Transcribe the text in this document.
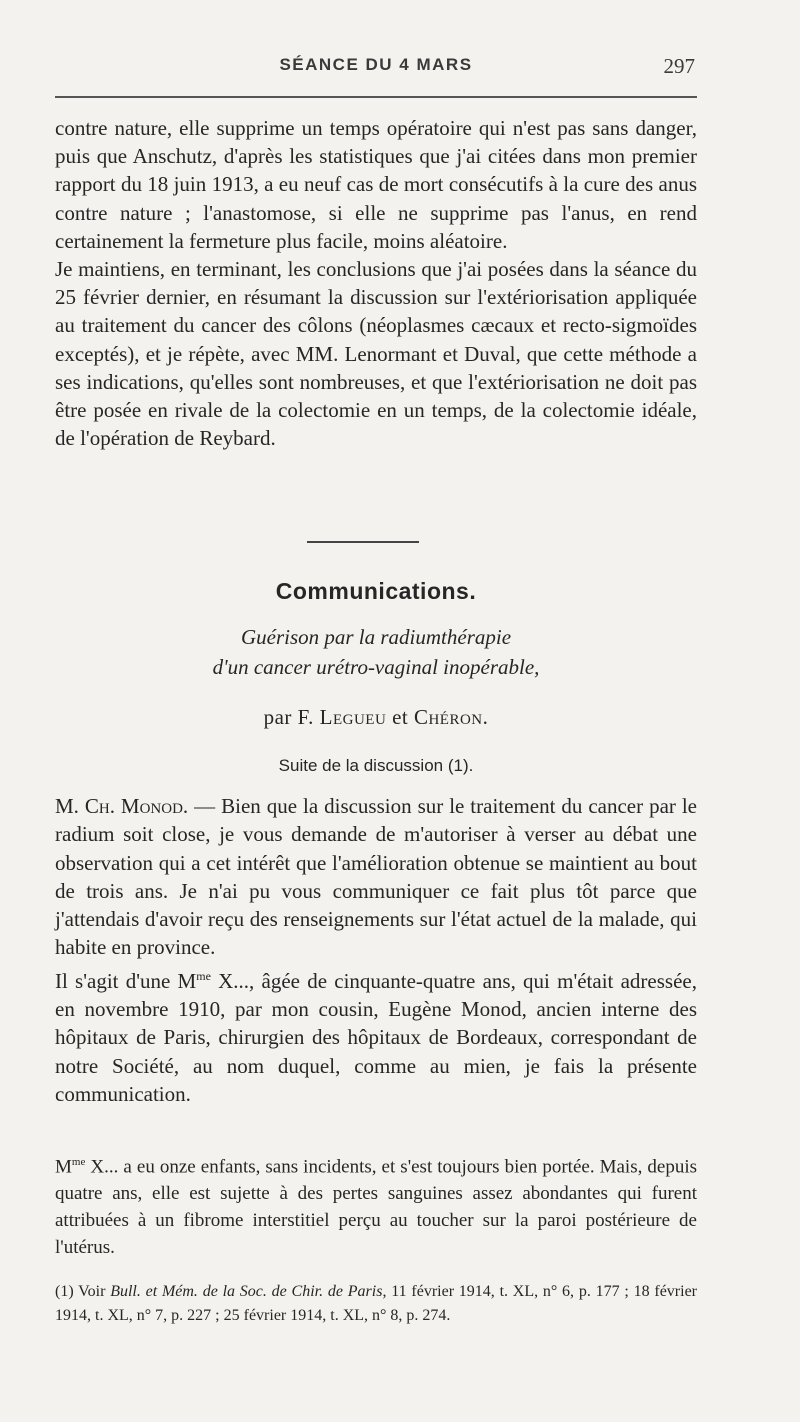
SÉANCE DU 4 MARS	297

contre nature, elle supprime un temps opératoire qui n'est pas sans danger, puis que Anschutz, d'après les statistiques que j'ai citées dans mon premier rapport du 18 juin 1913, a eu neuf cas de mort consécutifs à la cure des anus contre nature ; l'anastomose, si elle ne supprime pas l'anus, en rend certainement la fermeture plus facile, moins aléatoire.

Je maintiens, en terminant, les conclusions que j'ai posées dans la séance du 25 février dernier, en résumant la discussion sur l'extériorisation appliquée au traitement du cancer des côlons (néoplasmes cæcaux et recto-sigmoïdes exceptés), et je répète, avec MM. Lenormant et Duval, que cette méthode a ses indications, qu'elles sont nombreuses, et que l'extériorisation ne doit pas être posée en rivale de la colectomie en un temps, de la colectomie idéale, de l'opération de Reybard.

Communications.
Guérison par la radiumthérapie
d'un cancer urétro-vaginal inopérable,
par F. Legueu et Chéron.
Suite de la discussion (1).

M. Ch. Monod. — Bien que la discussion sur le traitement du cancer par le radium soit close, je vous demande de m'autoriser à verser au débat une observation qui a cet intérêt que l'amélioration obtenue se maintient au bout de trois ans. Je n'ai pu vous communiquer ce fait plus tôt parce que j'attendais d'avoir reçu des renseignements sur l'état actuel de la malade, qui habite en province.

Il s'agit d'une $M^{me}$ X..., âgée de cinquante-quatre ans, qui m'était adressée, en novembre 1910, par mon cousin, Eugène Monod, ancien interne des hôpitaux de Paris, chirurgien des hôpitaux de Bordeaux, correspondant de notre Société, au nom duquel, comme au mien, je fais la présente communication.

$M^{me}$ X... a eu onze enfants, sans incidents, et s'est toujours bien portée. Mais, depuis quatre ans, elle est sujette à des pertes sanguines assez abondantes qui furent attribuées à un fibrome interstitiel perçu au toucher sur la paroi postérieure de l'utérus.

(1) Voir Bull. et Mém. de la Soc. de Chir. de Paris, 11 février 1914, t. XL, n° 6, p. 177 ; 18 février 1914, t. XL, n° 7, p. 227 ; 25 février 1914, t. XL, n° 8, p. 274.
